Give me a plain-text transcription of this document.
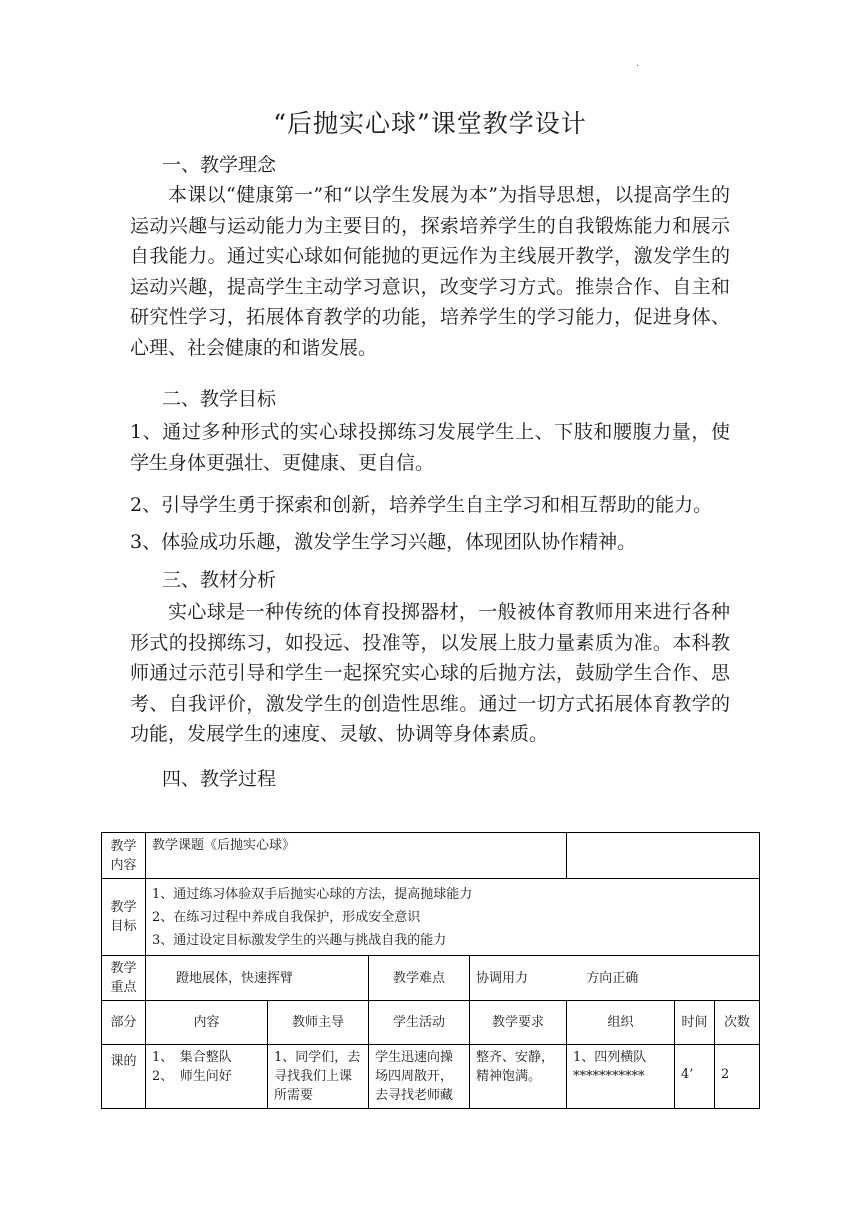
.
“后抛实心球”课堂教学设计
一、教学理念
本课以“健康第一”和“以学生发展为本”为指导思想，以提高学生的运动兴趣与运动能力为主要目的，探索培养学生的自我锻炼能力和展示自我能力。通过实心球如何能抛的更远作为主线展开教学，激发学生的运动兴趣，提高学生主动学习意识，改变学习方式。推崇合作、自主和研究性学习，拓展体育教学的功能，培养学生的学习能力，促进身体、心理、社会健康的和谐发展。
二、教学目标
1、通过多种形式的实心球投掷练习发展学生上、下肢和腰腹力量，使学生身体更强壮、更健康、更自信。
2、引导学生勇于探索和创新，培养学生自主学习和相互帮助的能力。
3、体验成功乐趣，激发学生学习兴趣，体现团队协作精神。
三、教材分析
实心球是一种传统的体育投掷器材，一般被体育教师用来进行各种形式的投掷练习，如投远、投准等，以发展上肢力量素质为准。本科教师通过示范引导和学生一起探究实心球的后抛方法，鼓励学生合作、思考、自我评价，激发学生的创造性思维。通过一切方式拓展体育教学的功能，发展学生的速度、灵敏、协调等身体素质。
四、教学过程
教学内容	教学课题《后抛实心球》						
教学目标	1、通过练习体验双手后抛实心球的方法，提高抛球能力
2、在练习过程中养成自我保护，形成安全意识
3、通过设定目标激发学生的兴趣与挑战自我的能力						

教学重点	蹬地展体，快速挥臂		教学难点	协调用力 方向正确			
部分	内容	教师主导	学生活动	教学要求	组织	时间	次数
课的	1、　集合整队
2、　师生问好	1、同学们，去寻找我们上课所需要	学生迅速向操场四周散开，去寻找老师藏	整齐、安静，精神饱满。	1、四列横队
***********	4’	2
